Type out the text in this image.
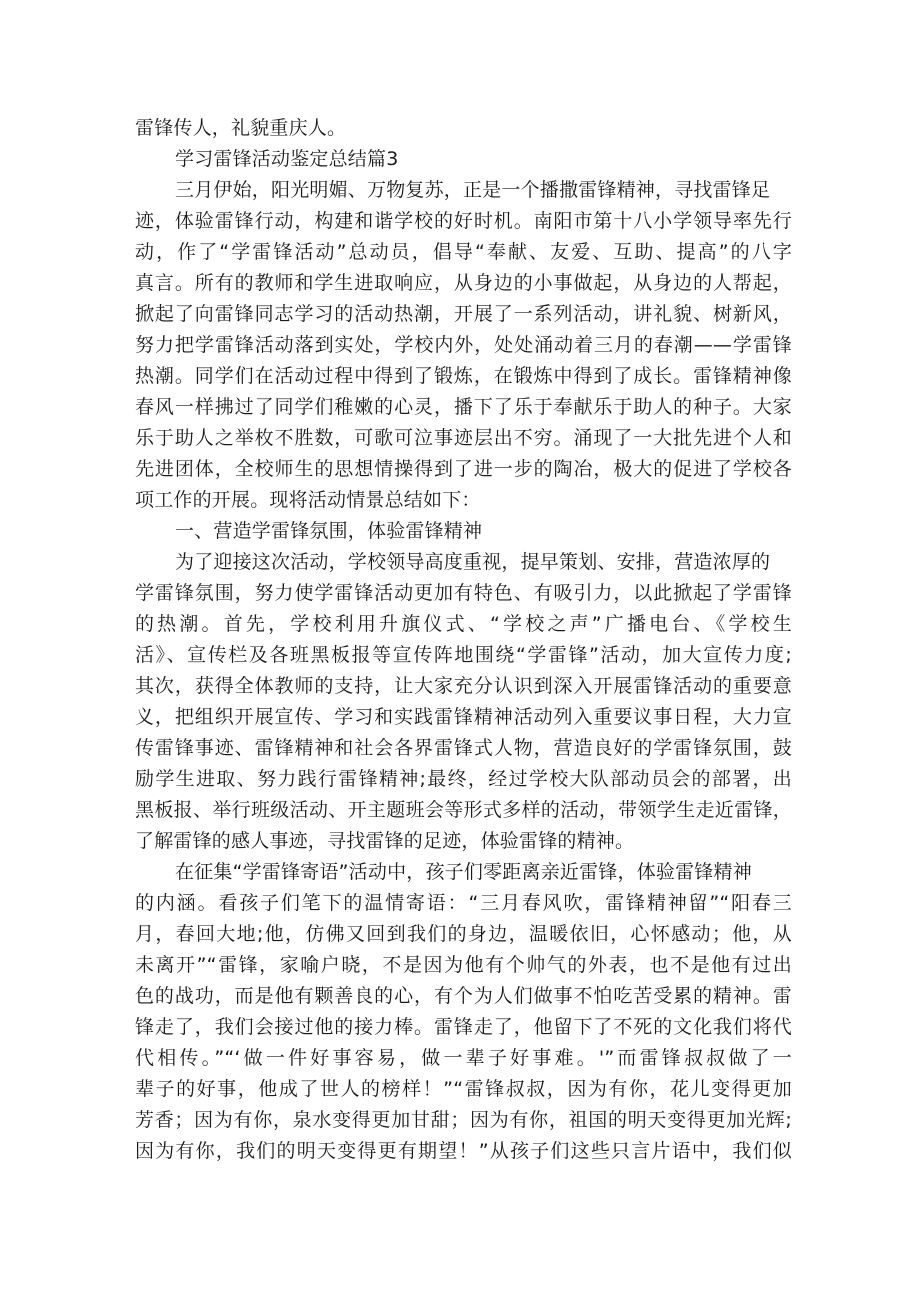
雷锋传人，礼貌重庆人。
学习雷锋活动鉴定总结篇3
三月伊始，阳光明媚、万物复苏，正是一个播撒雷锋精神，寻找雷锋足
迹，体验雷锋行动，构建和谐学校的好时机。南阳市第十八小学领导率先行
动，作了“学雷锋活动”总动员，倡导“奉献、友爱、互助、提高”的八字
真言。所有的教师和学生进取响应，从身边的小事做起，从身边的人帮起，
掀起了向雷锋同志学习的活动热潮，开展了一系列活动，讲礼貌、树新风，
努力把学雷锋活动落到实处，学校内外，处处涌动着三月的春潮——学雷锋
热潮。同学们在活动过程中得到了锻炼，在锻炼中得到了成长。雷锋精神像
春风一样拂过了同学们稚嫩的心灵，播下了乐于奉献乐于助人的种子。大家
乐于助人之举枚不胜数，可歌可泣事迹层出不穷。涌现了一大批先进个人和
先进团体，全校师生的思想情操得到了进一步的陶冶，极大的促进了学校各
项工作的开展。现将活动情景总结如下：
一、营造学雷锋氛围，体验雷锋精神
为了迎接这次活动，学校领导高度重视，提早策划、安排，营造浓厚的
学雷锋氛围，努力使学雷锋活动更加有特色、有吸引力，以此掀起了学雷锋
的热潮。首先，学校利用升旗仪式、“学校之声”广播电台、《学校生
活》、宣传栏及各班黑板报等宣传阵地围绕“学雷锋”活动，加大宣传力度;
其次，获得全体教师的支持，让大家充分认识到深入开展雷锋活动的重要意
义，把组织开展宣传、学习和实践雷锋精神活动列入重要议事日程，大力宣
传雷锋事迹、雷锋精神和社会各界雷锋式人物，营造良好的学雷锋氛围，鼓
励学生进取、努力践行雷锋精神;最终，经过学校大队部动员会的部署，出
黑板报、举行班级活动、开主题班会等形式多样的活动，带领学生走近雷锋，
了解雷锋的感人事迹，寻找雷锋的足迹，体验雷锋的精神。
在征集“学雷锋寄语”活动中，孩子们零距离亲近雷锋，体验雷锋精神
的内涵。看孩子们笔下的温情寄语：“三月春风吹，雷锋精神留”“阳春三
月，春回大地;他，仿佛又回到我们的身边，温暖依旧，心怀感动；他，从
未离开”“雷锋，家喻户晓，不是因为他有个帅气的外表，也不是他有过出
色的战功，而是他有颗善良的心，有个为人们做事不怕吃苦受累的精神。雷
锋走了，我们会接过他的接力棒。雷锋走了，他留下了不死的文化我们将代
代相传。”“‘做一件好事容易，做一辈子好事难。'”而雷锋叔叔做了一
辈子的好事，他成了世人的榜样！”“雷锋叔叔，因为有你，花儿变得更加
芳香；因为有你，泉水变得更加甘甜；因为有你，祖国的明天变得更加光辉;
因为有你，我们的明天变得更有期望！”从孩子们这些只言片语中，我们似
